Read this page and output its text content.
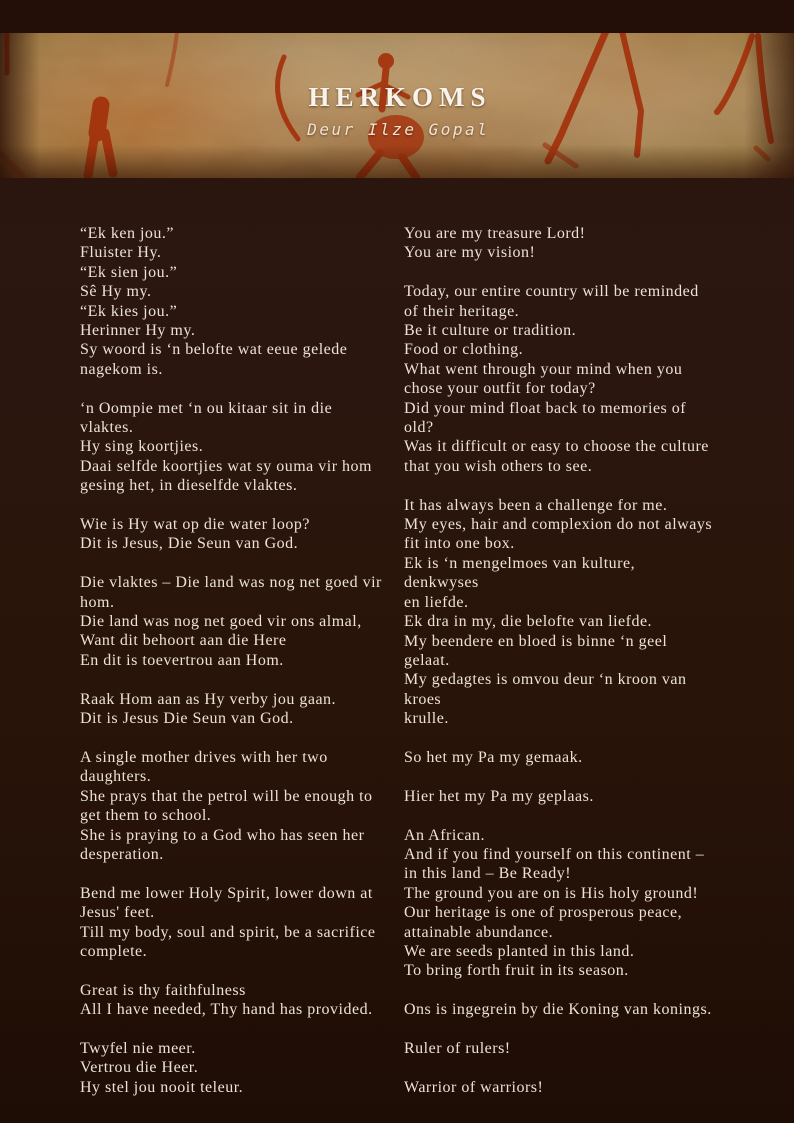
HERKOMS
Deur Ilze Gopal
“Ek ken jou.”
Fluister Hy.
“Ek sien jou.”
Sê Hy my.
“Ek kies jou.”
Herinner Hy my.
Sy woord is ‘n belofte wat eeue gelede
nagekom is.
‘n Oompie met ‘n ou kitaar sit in die vlaktes.
Hy sing koortjies.
Daai selfde koortjies wat sy ouma vir hom
gesing het, in dieselfde vlaktes.
Wie is Hy wat op die water loop?
Dit is Jesus, Die Seun van God.
Die vlaktes – Die land was nog net goed vir
hom.
Die land was nog net goed vir ons almal,
Want dit behoort aan die Here
En dit is toevertrou aan Hom.
Raak Hom aan as Hy verby jou gaan.
Dit is Jesus Die Seun van God.
A single mother drives with her two
daughters.
She prays that the petrol will be enough to
get them to school.
She is praying to a God who has seen her
desperation.
Bend me lower Holy Spirit, lower down at
Jesus' feet.
Till my body, soul and spirit, be a sacrifice
complete.
Great is thy faithfulness
All I have needed, Thy hand has provided.
Twyfel nie meer.
Vertrou die Heer.
Hy stel jou nooit teleur.
You are my treasure Lord!
You are my vision!
Today, our entire country will be reminded
of their heritage.
Be it culture or tradition.
Food or clothing.
What went through your mind when you
chose your outfit for today?
Did your mind float back to memories of
old?
Was it difficult or easy to choose the culture
that you wish others to see.
It has always been a challenge for me.
My eyes, hair and complexion do not always
fit into one box.
Ek is ‘n mengelmoes van kulture, denkwyses
en liefde.
Ek dra in my, die belofte van liefde.
My beendere en bloed is binne ‘n geel
gelaat.
My gedagtes is omvou deur ‘n kroon van kroes
krulle.
So het my Pa my gemaak.
Hier het my Pa my geplaas.
An African.
And if you find yourself on this continent –
in this land – Be Ready!
The ground you are on is His holy ground!
Our heritage is one of prosperous peace,
attainable abundance.
We are seeds planted in this land.
To bring forth fruit in its season.
Ons is ingegrein by die Koning van konings.
Ruler of rulers!
Warrior of warriors!
